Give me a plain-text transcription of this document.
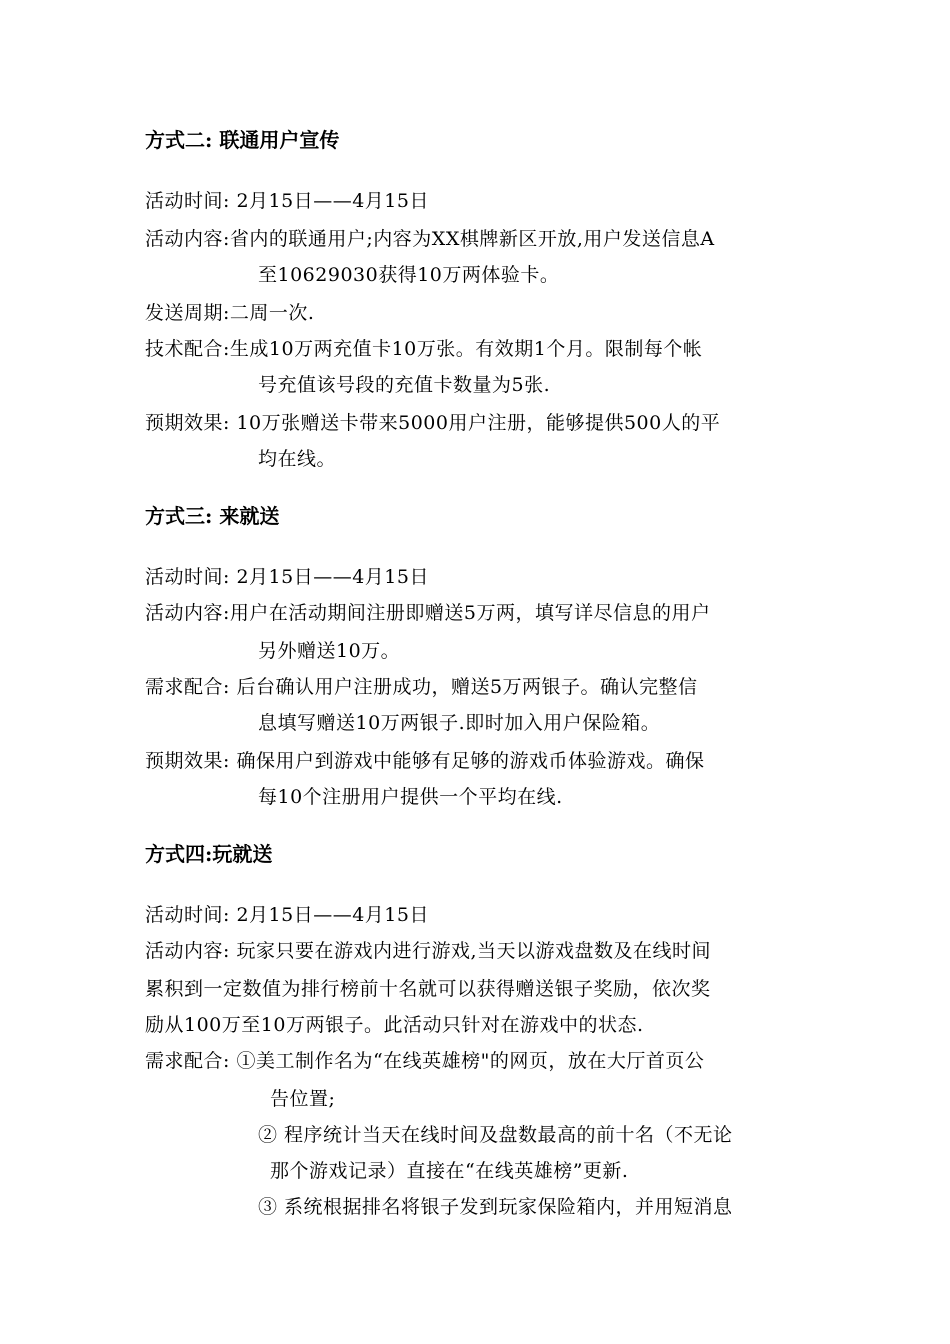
方式二: 联通用户宣传
活动时间: 2月15日——4月15日
活动内容:省内的联通用户;内容为XX棋牌新区开放,用户发送信息A
至10629030获得10万两体验卡。
发送周期:二周一次.
技术配合:生成10万两充值卡10万张。有效期1个月。限制每个帐
号充值该号段的充值卡数量为5张.
预期效果: 10万张赠送卡带来5000用户注册，能够提供500人的平
均在线。
方式三: 来就送
活动时间: 2月15日——4月15日
活动内容:用户在活动期间注册即赠送5万两，填写详尽信息的用户
另外赠送10万。
需求配合: 后台确认用户注册成功，赠送5万两银子。确认完整信
息填写赠送10万两银子.即时加入用户保险箱。
预期效果: 确保用户到游戏中能够有足够的游戏币体验游戏。确保
每10个注册用户提供一个平均在线.
方式四:玩就送
活动时间: 2月15日——4月15日
活动内容: 玩家只要在游戏内进行游戏,当天以游戏盘数及在线时间
累积到一定数值为排行榜前十名就可以获得赠送银子奖励，依次奖
励从100万至10万两银子。此活动只针对在游戏中的状态.
需求配合: ①美工制作名为“在线英雄榜"的网页，放在大厅首页公
告位置;
② 程序统计当天在线时间及盘数最高的前十名（不无论
那个游戏记录）直接在“在线英雄榜”更新.
③ 系统根据排名将银子发到玩家保险箱内，并用短消息
